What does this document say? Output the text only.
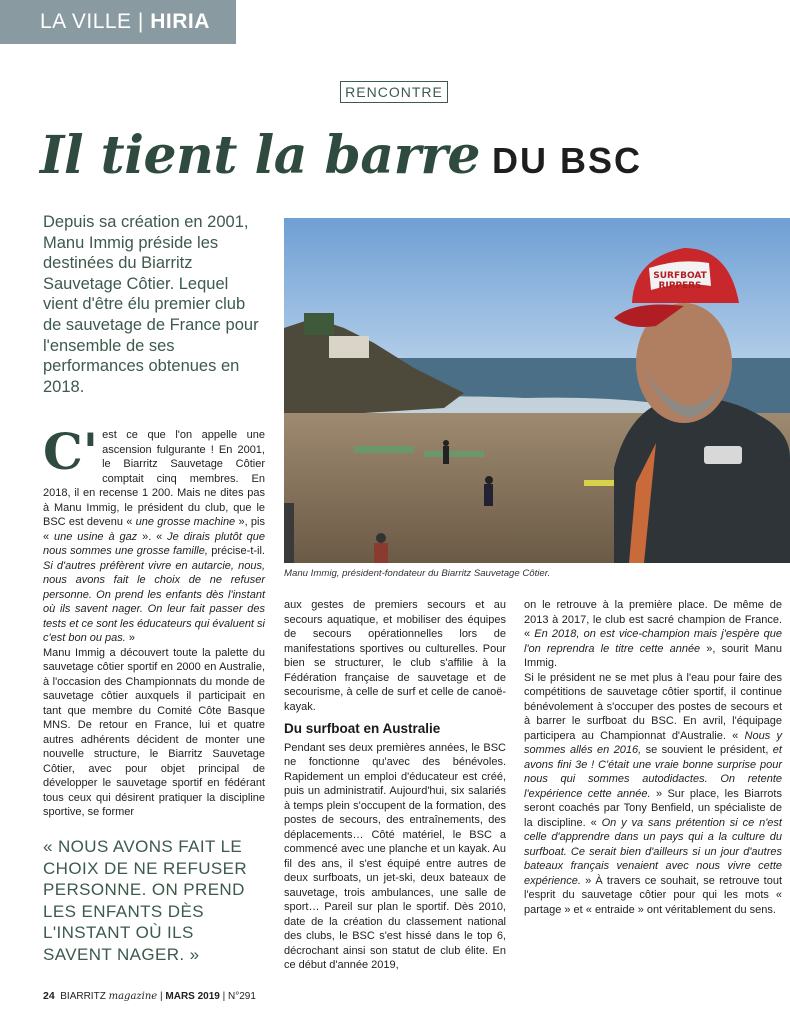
LA VILLE | HIRIA
RENCONTRE
Il tient la barre DU BSC
Depuis sa création en 2001, Manu Immig préside les destinées du Biarritz Sauvetage Côtier. Lequel vient d'être élu premier club de sauvetage de France pour l'ensemble de ses performances obtenues en 2018.
SURFBOAT
RIPPERS
Manu Immig, président-fondateur du Biarritz Sauvetage Côtier.

C' est ce que l'on appelle une ascension fulgurante ! En 2001, le Biarritz Sauvetage Côtier comptait cinq membres. En 2018, il en recense 1 200. Mais ne dites pas à Manu Immig, le président du club, que le BSC est devenu « une grosse machine », pis « une usine à gaz ». « Je dirais plutôt que nous sommes une grosse famille, précise-t-il. Si d'autres préfèrent vivre en autarcie, nous, nous avons fait le choix de ne refuser personne. On prend les enfants dès l'instant où ils savent nager. On leur fait passer des tests et ce sont les éducateurs qui évaluent si c'est bon ou pas. »

Manu Immig a découvert toute la palette du sauvetage côtier sportif en 2000 en Australie, à l'occasion des Championnats du monde de sauvetage côtier auxquels il participait en tant que membre du Comité Côte Basque MNS. De retour en France, lui et quatre autres adhérents décident de monter une nouvelle structure, le Biarritz Sauvetage Côtier, avec pour objet principal de développer le sauvetage sportif en fédérant tous ceux qui désirent pratiquer la discipline sportive, se former

aux gestes de premiers secours et au secours aquatique, et mobiliser des équipes de secours opérationnelles lors de manifestations sportives ou culturelles. Pour bien se structurer, le club s'affilie à la Fédération française de sauvetage et de secourisme, à celle de surf et celle de canoë-kayak.

Du surfboat en Australie

Pendant ses deux premières années, le BSC ne fonctionne qu'avec des bénévoles. Rapidement un emploi d'éducateur est créé, puis un administratif. Aujourd'hui, six salariés à temps plein s'occupent de la formation, des postes de secours, des entraînements, des déplacements… Côté matériel, le BSC a commencé avec une planche et un kayak. Au fil des ans, il s'est équipé entre autres de deux surfboats, un jet-ski, deux bateaux de sauvetage, trois ambulances, une salle de sport… Pareil sur plan le sportif. Dès 2010, date de la création du classement national des clubs, le BSC s'est hissé dans le top 6, décrochant ainsi son statut de club élite. En ce début d'année 2019,

on le retrouve à la première place. De même de 2013 à 2017, le club est sacré champion de France. « En 2018, on est vice-champion mais j'espère que l'on reprendra le titre cette année », sourit Manu Immig.

Si le président ne se met plus à l'eau pour faire des compétitions de sauvetage côtier sportif, il continue bénévolement à s'occuper des postes de secours et à barrer le surfboat du BSC. En avril, l'équipage participera au Championnat d'Australie. « Nous y sommes allés en 2016, se souvient le président, et avons fini 3e ! C'était une vraie bonne surprise pour nous qui sommes autodidactes. On retente l'expérience cette année. » Sur place, les Biarrots seront coachés par Tony Benfield, un spécialiste de la discipline. « On y va sans prétention si ce n'est celle d'apprendre dans un pays qui a la culture du surfboat. Ce serait bien d'ailleurs si un jour d'autres bateaux français venaient avec nous vivre cette expérience. » À travers ce souhait, se retrouve tout l'esprit du sauvetage côtier pour qui les mots « partage » et « entraide » ont véritablement du sens.

« NOUS AVONS FAIT LE CHOIX DE NE REFUSER PERSONNE. ON PREND LES ENFANTS DÈS L'INSTANT OÙ ILS SAVENT NAGER. »
24 BIARRITZ magazine | MARS 2019 | N°291
